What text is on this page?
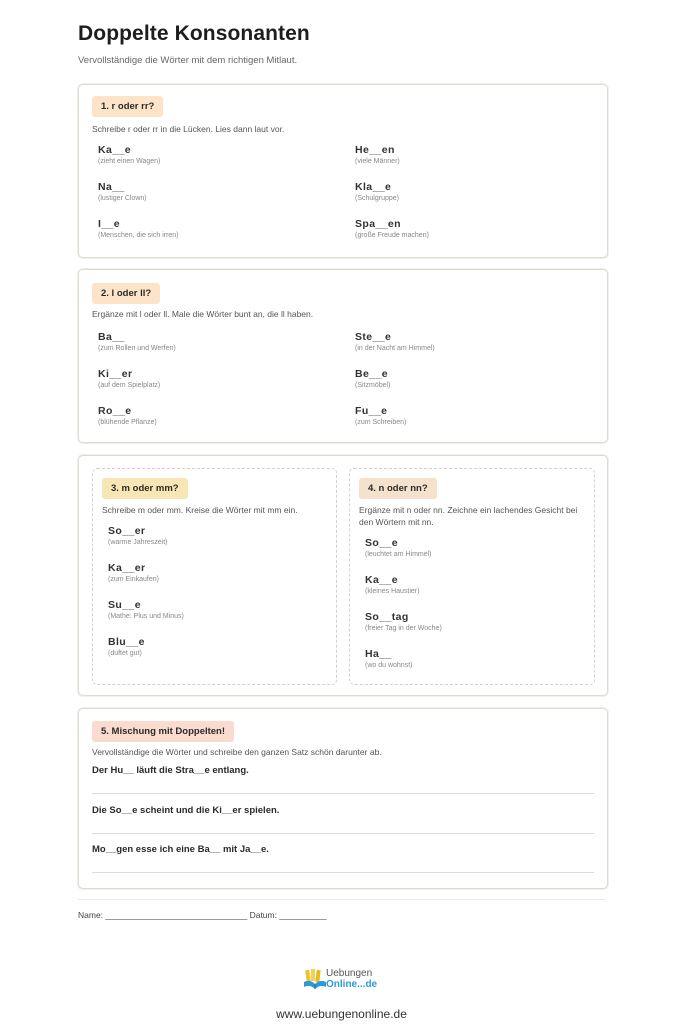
Doppelte Konsonanten
Vervollständige die Wörter mit dem richtigen Mitlaut.
1. r oder rr?
Schreibe r oder rr in die Lücken. Lies dann laut vor.
Ka__e
(zieht einen Wagen)
He__en
(viele Männer)
Na__
(lustiger Clown)
Kla__e
(Schulgruppe)
I__e
(Menschen, die sich irren)
Spa__en
(große Freude machen)
2. l oder ll?
Ergänze mit l oder ll. Male die Wörter bunt an, die ll haben.
Ba__
(zum Rollen und Werfen)
Ste__e
(in der Nacht am Himmel)
Ki__er
(auf dem Spielplatz)
Be__e
(Sitzmöbel)
Ro__e
(blühende Pflanze)
Fu__e
(zum Schreiben)
3. m oder mm?
Schreibe m oder mm. Kreise die Wörter mit mm ein.
So__er
(warme Jahreszeit)
Ka__er
(zum Einkaufen)
Su__e
(Mathe: Plus und Minus)
Blu__e
(duftet gut)
4. n oder nn?
Ergänze mit n oder nn. Zeichne ein lachendes Gesicht bei den Wörtern mit nn.
So__e
(leuchtet am Himmel)
Ka__e
(kleines Haustier)
So__tag
(freier Tag in der Woche)
Ha__
(wo du wohnst)
5. Mischung mit Doppelten!
Vervollständige die Wörter und schreibe den ganzen Satz schön darunter ab.
Der Hu__ läuft die Stra__e entlang.
Die So__e scheint und die Ki__er spielen.
Mo__gen esse ich eine Ba__ mit Ja__e.
Name: ______________________________ Datum: __________
Uebungen
Online...de
www.uebungenonline.de
